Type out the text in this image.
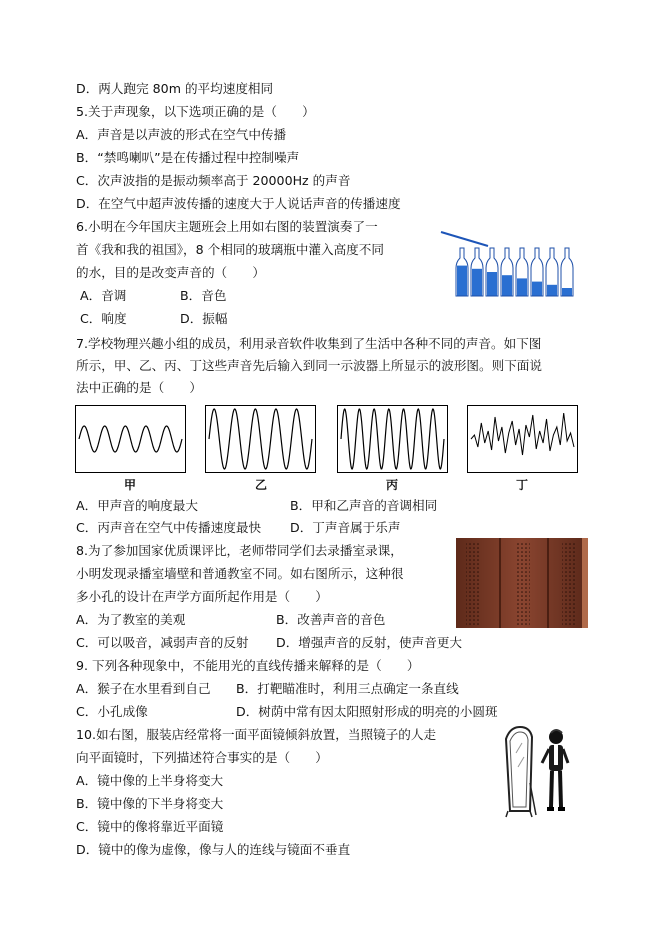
D．两人跑完 80m 的平均速度相同
5.关于声现象，以下选项正确的是（　　）
A．声音是以声波的形式在空气中传播
B．“禁鸣喇叭”是在传播过程中控制噪声
C．次声波指的是振动频率高于 20000Hz 的声音
D．在空气中超声波传播的速度大于人说话声音的传播速度
6.小明在今年国庆主题班会上用如右图的装置演奏了一
首《我和我的祖国》，8 个相同的玻璃瓶中灌入高度不同
的水，目的是改变声音的（　　）
A．音调	B．音色
C．响度	D．振幅
7.学校物理兴趣小组的成员，利用录音软件收集到了生活中各种不同的声音。如下图
所示，甲、乙、丙、丁这些声音先后输入到同一示波器上所显示的波形图。则下面说
法中正确的是（　　）
甲	乙	丙	丁
A．甲声音的响度最大	B．甲和乙声音的音调相同
C．丙声音在空气中传播速度最快 D．丁声音属于乐声
8.为了参加国家优质课评比，老师带同学们去录播室录课，
小明发现录播室墙壁和普通教室不同。如右图所示，这种很
多小孔的设计在声学方面所起作用是（　　）
A．为了教室的美观	B．改善声音的音色
C．可以吸音，减弱声音的反射 D．增强声音的反射，使声音更大
9. 下列各种现象中，不能用光的直线传播来解释的是（　　）
A．猴子在水里看到自己 B．打靶瞄准时，利用三点确定一条直线
C．小孔成像	D．树荫中常有因太阳照射形成的明亮的小圆斑
10.如右图，服装店经常将一面平面镜倾斜放置，当照镜子的人走
向平面镜时，下列描述符合事实的是（　　）
A．镜中像的上半身将变大
B．镜中像的下半身将变大
C．镜中的像将靠近平面镜
D．镜中的像为虚像，像与人的连线与镜面不垂直
